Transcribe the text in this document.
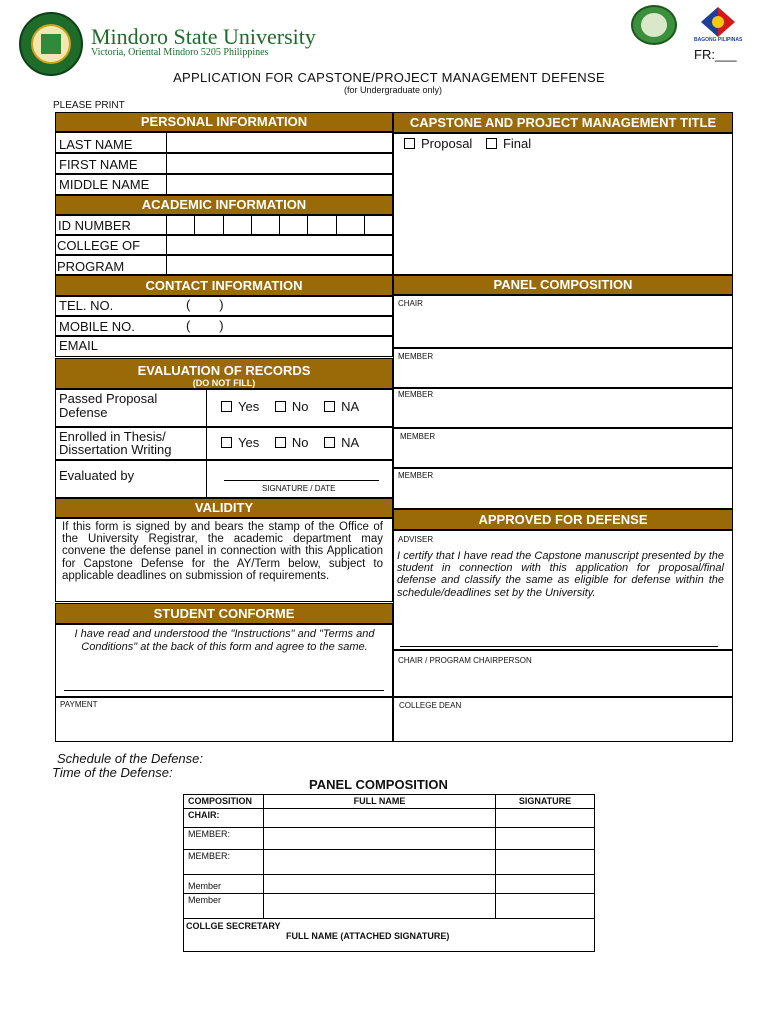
Mindoro State University
Victoria, Oriental Mindoro 5205 Philippines
BAGONG PILIPINAS
FR:___
APPLICATION FOR CAPSTONE/PROJECT MANAGEMENT DEFENSE
(for Undergraduate only)
PLEASE PRINT
PERSONAL INFORMATION
LAST NAME
FIRST NAME
MIDDLE NAME
ACADEMIC INFORMATION
ID NUMBER
COLLEGE OF
PROGRAM
CONTACT INFORMATION
TEL. NO.	(        )
MOBILE NO.	(        )
EMAIL
EVALUATION OF RECORDS
(DO NOT FILL)
Passed Proposal
Defense	Yes	No	NA
Enrolled in Thesis/
Dissertation Writing	Yes	No	NA
Evaluated by
SIGNATURE / DATE
VALIDITY
If this form is signed by and bears the stamp of the Office of the University Registrar, the academic department may convene the defense panel in connection with this Application for Capstone Defense for the AY/Term below, subject to applicable deadlines on submission of requirements.
STUDENT CONFORME
I have read and understood the "Instructions" and "Terms and Conditions" at the back of this form and agree to the same.
PAYMENT
CAPSTONE AND PROJECT MANAGEMENT TITLE
Proposal Final
PANEL COMPOSITION
CHAIR
MEMBER
MEMBER
MEMBER
MEMBER
APPROVED FOR DEFENSE
ADVISER
I certify that I have read the Capstone manuscript presented by the student in connection with this application for proposal/final defense and classify the same as eligible for defense within the schedule/deadlines set by the University.
CHAIR / PROGRAM CHAIRPERSON
COLLEGE DEAN
Schedule of the Defense:
Time of the Defense:
PANEL COMPOSITION
COMPOSITION	FULL NAME	SIGNATURE
CHAIR:		
MEMBER:		
MEMBER:		
Member		
Member		

COLLGE SECRETARY
FULL NAME (ATTACHED SIGNATURE)		
